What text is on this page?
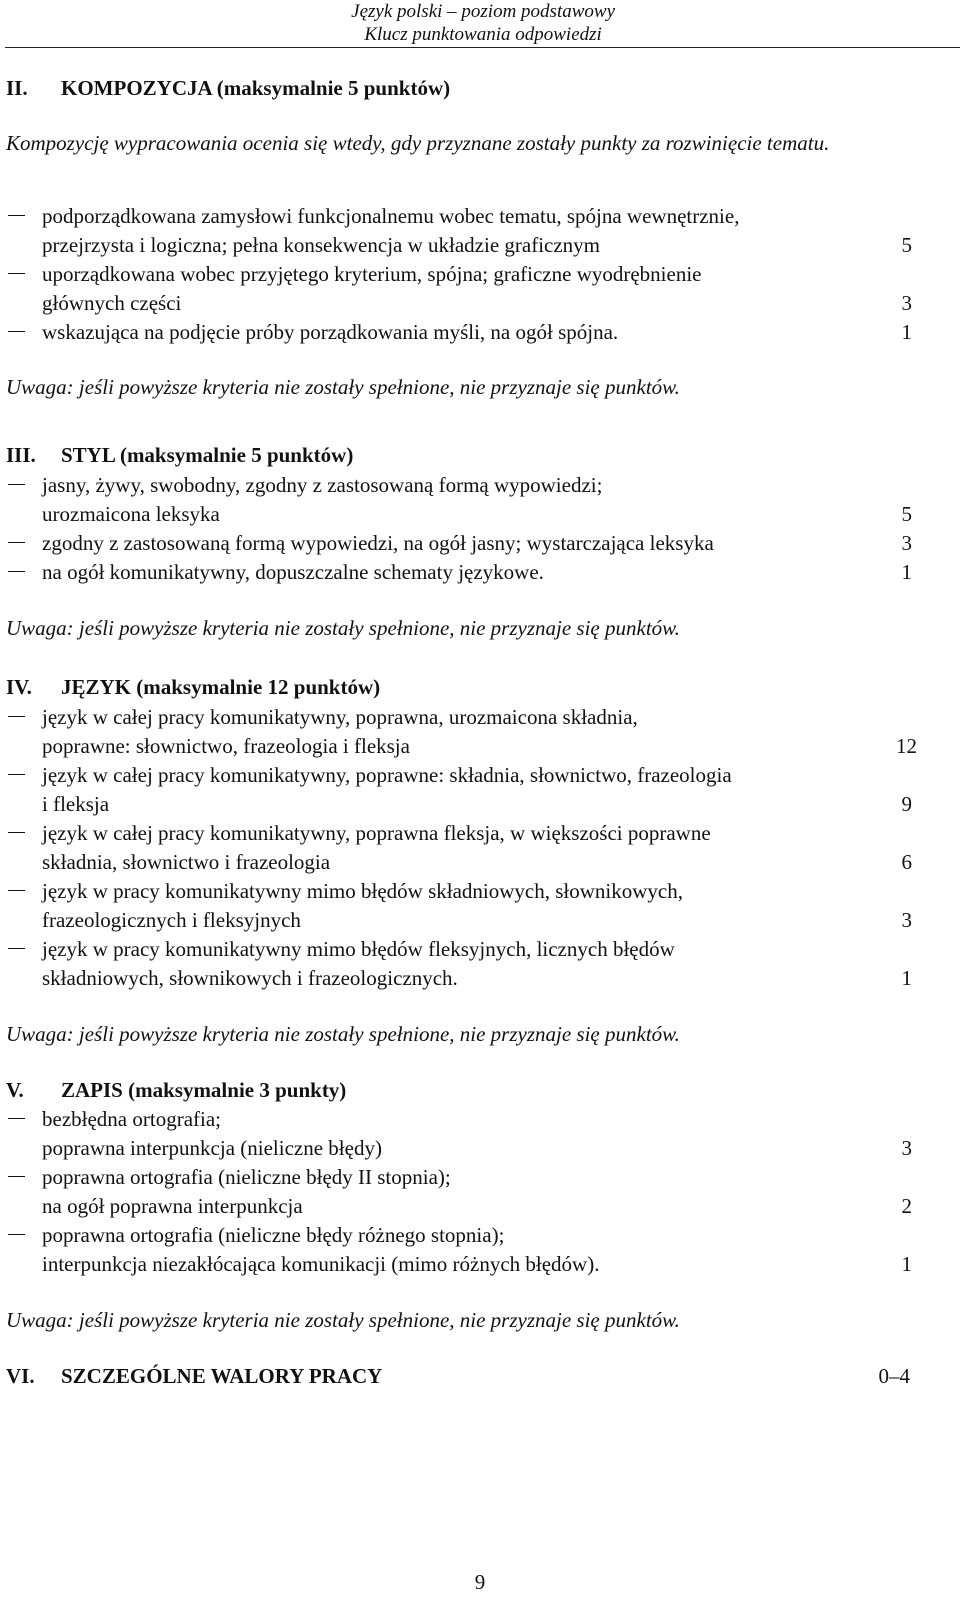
Język polski – poziom podstawowy
Klucz punktowania odpowiedzi
II. KOMPOZYCJA (maksymalnie 5 punktów)
Kompozycję wypracowania ocenia się wtedy, gdy przyznane zostały punkty za rozwinięcie tematu.
podporządkowana zamysłowi funkcjonalnemu wobec tematu, spójna wewnętrznie,
przejrzysta i logiczna; pełna konsekwencja w układzie graficznym	5
uporządkowana wobec przyjętego kryterium, spójna; graficzne wyodrębnienie
głównych części	3
wskazująca na podjęcie próby porządkowania myśli, na ogół spójna.	1
Uwaga: jeśli powyższe kryteria nie zostały spełnione, nie przyznaje się punktów.
III. STYL (maksymalnie 5 punktów)
jasny, żywy, swobodny, zgodny z zastosowaną formą wypowiedzi;
urozmaicona leksyka	5
zgodny z zastosowaną formą wypowiedzi, na ogół jasny; wystarczająca leksyka	3
na ogół komunikatywny, dopuszczalne schematy językowe.	1
Uwaga: jeśli powyższe kryteria nie zostały spełnione, nie przyznaje się punktów.
IV. JĘZYK (maksymalnie 12 punktów)
język w całej pracy komunikatywny, poprawna, urozmaicona składnia,
poprawne: słownictwo, frazeologia i fleksja	12
język w całej pracy komunikatywny, poprawne: składnia, słownictwo, frazeologia
i fleksja	9
język w całej pracy komunikatywny, poprawna fleksja, w większości poprawne
składnia, słownictwo i frazeologia	6
język w pracy komunikatywny mimo błędów składniowych, słownikowych,
frazeologicznych i fleksyjnych	3
język w pracy komunikatywny mimo błędów fleksyjnych, licznych błędów
składniowych, słownikowych i frazeologicznych.	1
Uwaga: jeśli powyższe kryteria nie zostały spełnione, nie przyznaje się punktów.
V. ZAPIS (maksymalnie 3 punkty)
bezbłędna ortografia;
poprawna interpunkcja (nieliczne błędy)	3
poprawna ortografia (nieliczne błędy II stopnia);
na ogół poprawna interpunkcja	2
poprawna ortografia (nieliczne błędy różnego stopnia);
interpunkcja niezakłócająca komunikacji (mimo różnych błędów).	1
Uwaga: jeśli powyższe kryteria nie zostały spełnione, nie przyznaje się punktów.
VI. SZCZEGÓLNE WALORY PRACY	0–4
9
